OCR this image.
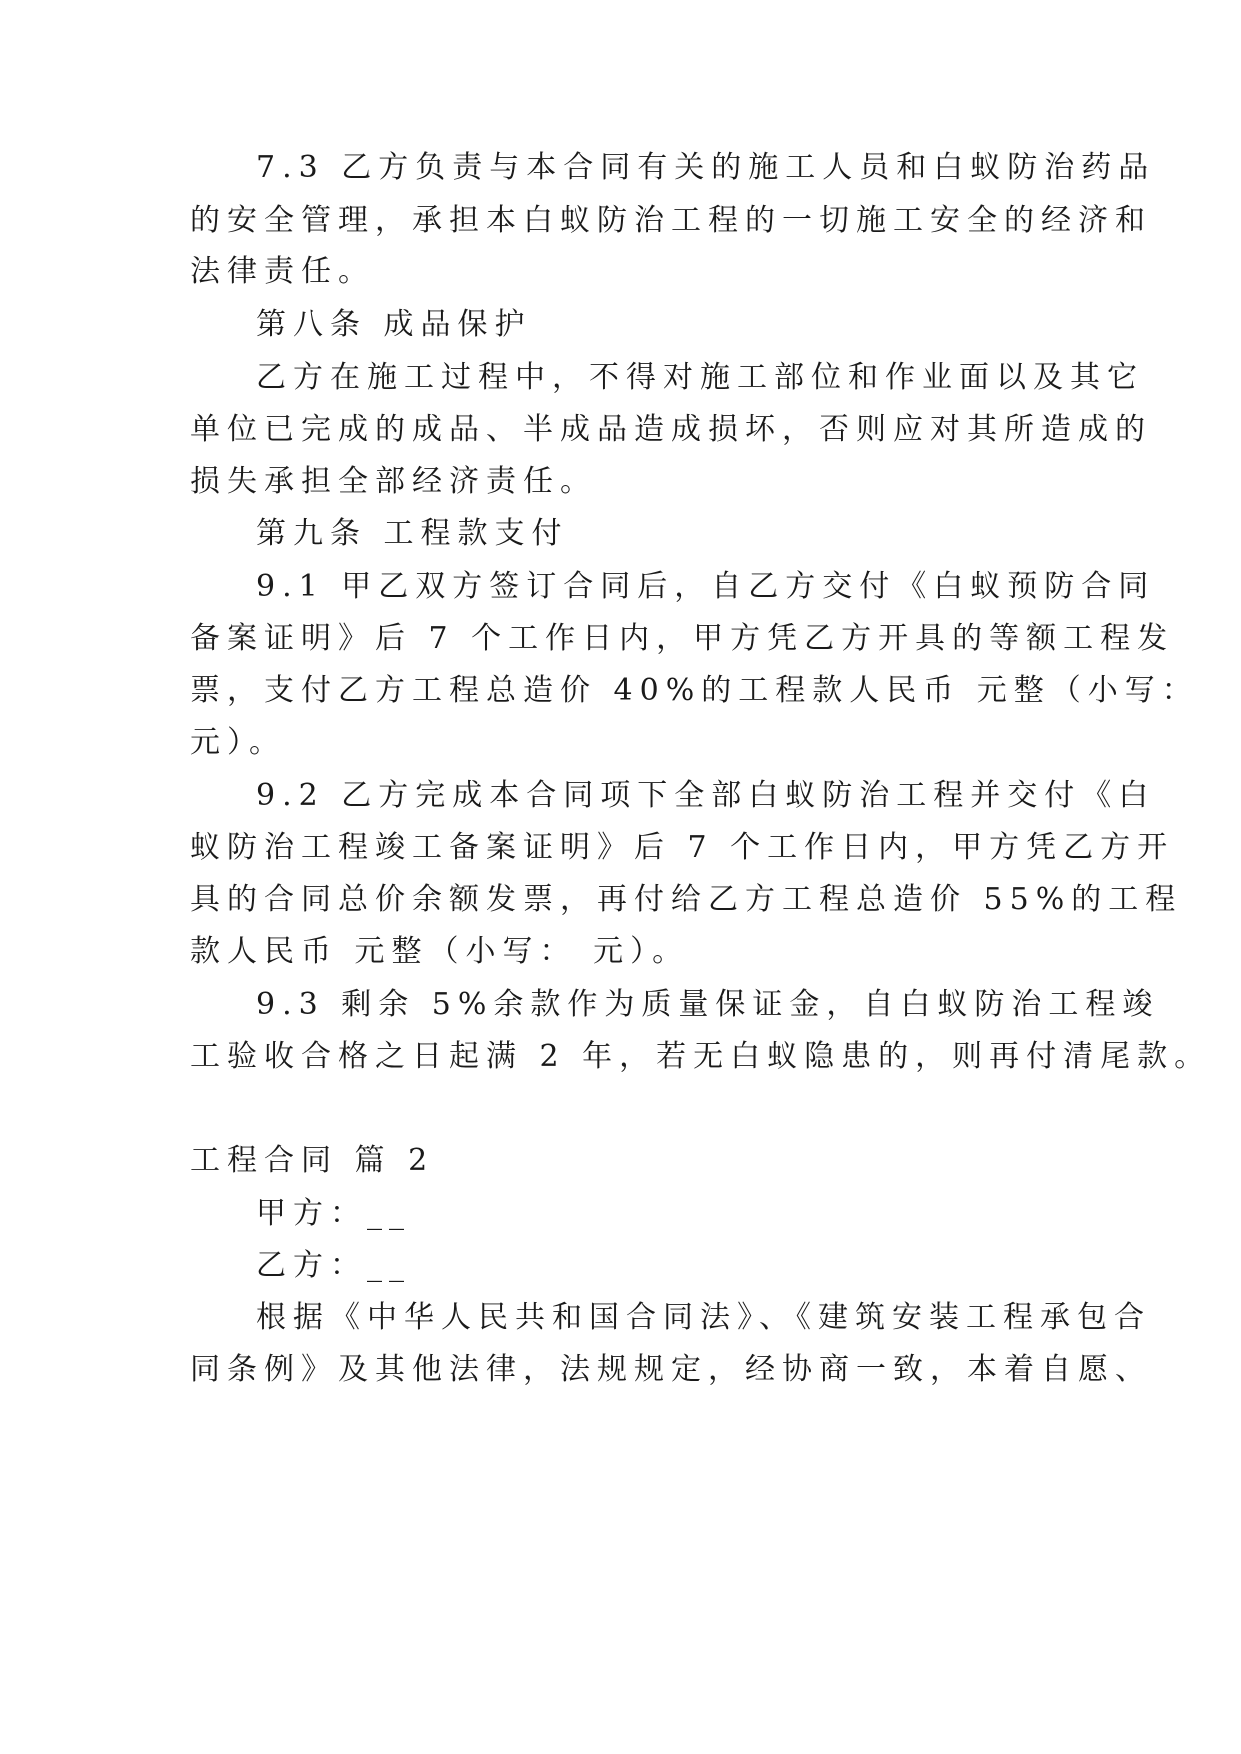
7.3 乙方负责与本合同有关的施工人员和白蚁防治药品
的安全管理，承担本白蚁防治工程的一切施工安全的经济和
法律责任。
第八条 成品保护
乙方在施工过程中，不得对施工部位和作业面以及其它
单位已完成的成品、半成品造成损坏，否则应对其所造成的
损失承担全部经济责任。
第九条 工程款支付
9.1 甲乙双方签订合同后，自乙方交付《白蚁预防合同
备案证明》后 7 个工作日内，甲方凭乙方开具的等额工程发
票，支付乙方工程总造价 40%的工程款人民币 元整（小写：
元）。
9.2 乙方完成本合同项下全部白蚁防治工程并交付《白
蚁防治工程竣工备案证明》后 7 个工作日内，甲方凭乙方开
具的合同总价余额发票，再付给乙方工程总造价 55%的工程
款人民币 元整（小写： 元）。
9.3 剩余 5%余款作为质量保证金，自白蚁防治工程竣
工验收合格之日起满 2 年，若无白蚁隐患的，则再付清尾款。
工程合同 篇 2
甲方：__
乙方：__
根据《中华人民共和国合同法》、《建筑安装工程承包合
同条例》及其他法律，法规规定，经协商一致，本着自愿、
